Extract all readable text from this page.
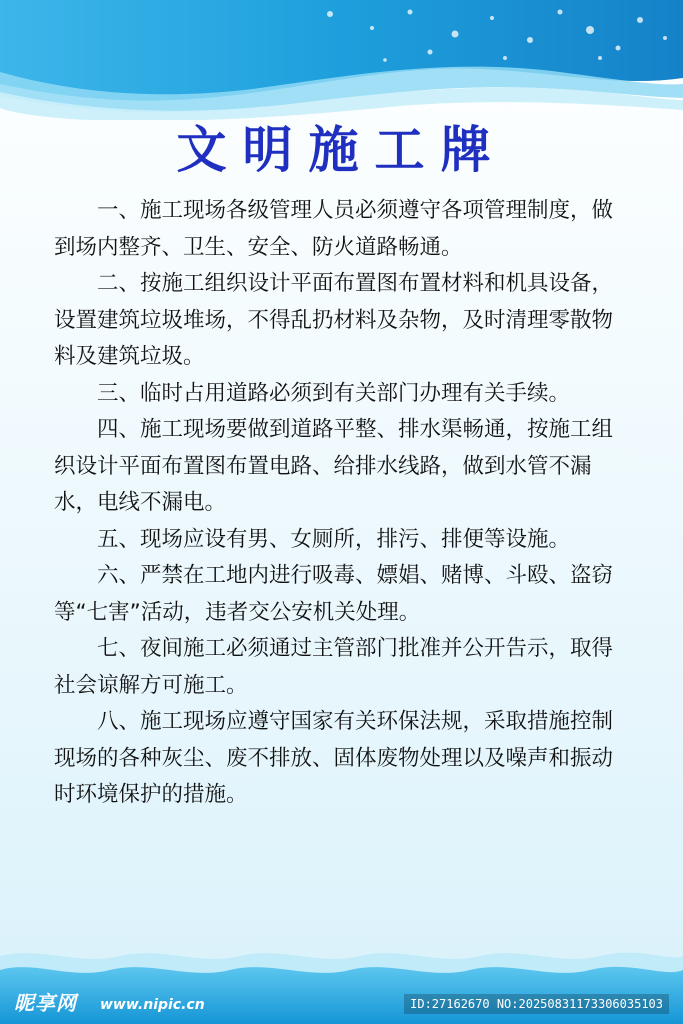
文明施工牌

一、施工现场各级管理人员必须遵守各项管理制度，做到场内整齐、卫生、安全、防火道路畅通。

二、按施工组织设计平面布置图布置材料和机具设备，设置建筑垃圾堆场，不得乱扔材料及杂物，及时清理零散物料及建筑垃圾。

三、临时占用道路必须到有关部门办理有关手续。

四、施工现场要做到道路平整、排水渠畅通，按施工组织设计平面布置图布置电路、给排水线路，做到水管不漏水，电线不漏电。

五、现场应设有男、女厕所，排污、排便等设施。

六、严禁在工地内进行吸毒、嫖娼、赌博、斗殴、盗窃等“七害”活动，违者交公安机关处理。

七、夜间施工必须通过主管部门批准并公开告示，取得社会谅解方可施工。

八、施工现场应遵守国家有关环保法规，采取措施控制现场的各种灰尘、废不排放、固体废物处理以及噪声和振动时环境保护的措施。

昵享网 www.nipic.cn	ID:27162670 NO:20250831173306035103
